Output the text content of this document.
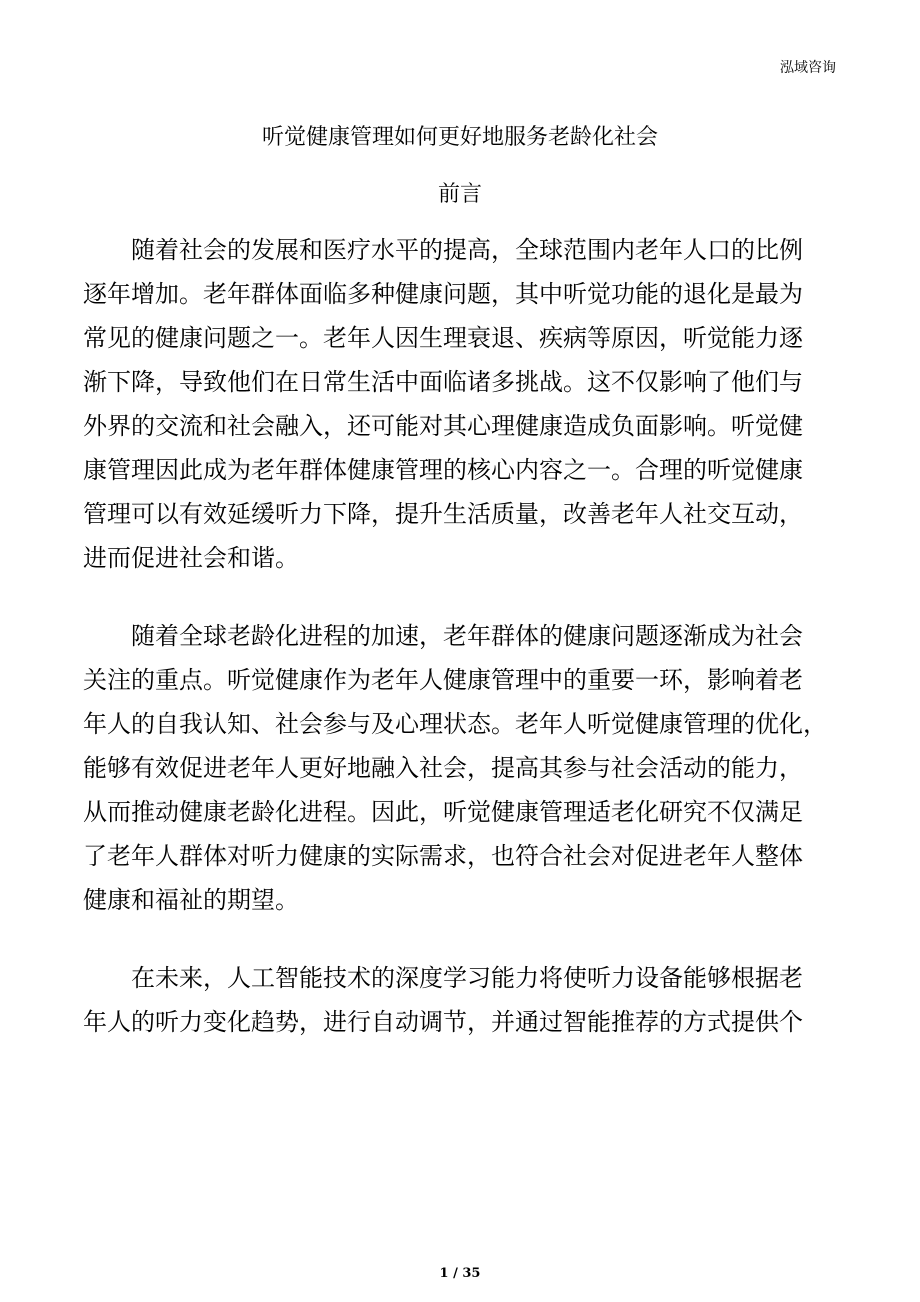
泓域咨询
听觉健康管理如何更好地服务老龄化社会
前言

随着社会的发展和医疗水平的提高，全球范围内老年人口的比例
逐年增加。老年群体面临多种健康问题，其中听觉功能的退化是最为
常见的健康问题之一。老年人因生理衰退、疾病等原因，听觉能力逐
渐下降，导致他们在日常生活中面临诸多挑战。这不仅影响了他们与
外界的交流和社会融入，还可能对其心理健康造成负面影响。听觉健
康管理因此成为老年群体健康管理的核心内容之一。合理的听觉健康
管理可以有效延缓听力下降，提升生活质量，改善老年人社交互动，
进而促进社会和谐。

随着全球老龄化进程的加速，老年群体的健康问题逐渐成为社会
关注的重点。听觉健康作为老年人健康管理中的重要一环，影响着老
年人的自我认知、社会参与及心理状态。老年人听觉健康管理的优化，
能够有效促进老年人更好地融入社会，提高其参与社会活动的能力，
从而推动健康老龄化进程。因此，听觉健康管理适老化研究不仅满足
了老年人群体对听力健康的实际需求，也符合社会对促进老年人整体
健康和福祉的期望。

在未来，人工智能技术的深度学习能力将使听力设备能够根据老
年人的听力变化趋势，进行自动调节，并通过智能推荐的方式提供个

1 / 35
